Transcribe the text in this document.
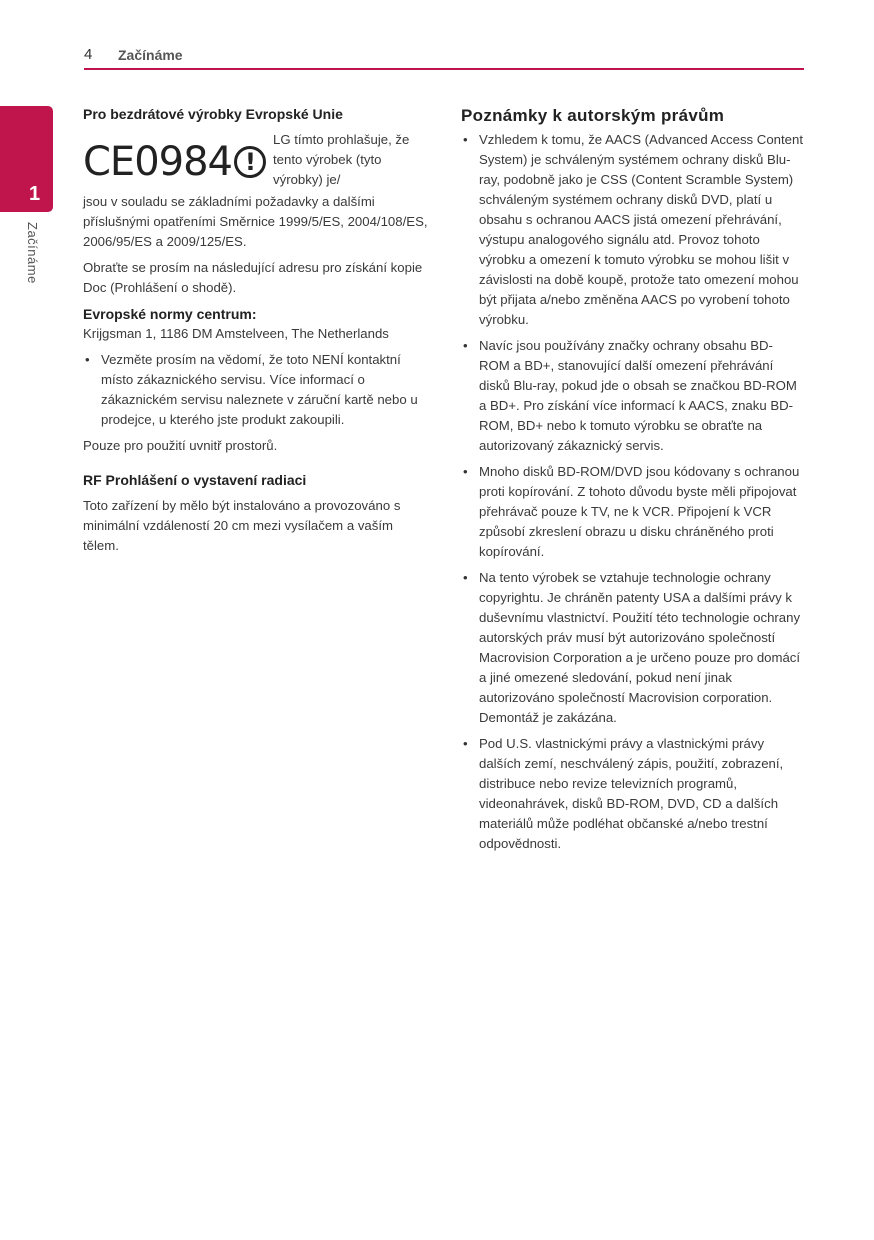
4 Začínáme
1
Začínáme
Pro bezdrátové výrobky Evropské Unie
CE0984 !
LG tímto prohlašuje, že tento výrobek (tyto výrobky) je/

jsou v souladu se základními požadavky a dalšími příslušnými opatřeními Směrnice 1999/5/ES, 2004/108/ES, 2006/95/ES a 2009/125/ES.

Obraťte se prosím na následující adresu pro získání kopie Doc (Prohlášení o shodě).

Evropské normy centrum:

Krijgsman 1, 1186 DM Amstelveen, The Netherlands

• Vezměte prosím na vědomí, že toto NENÍ kontaktní místo zákaznického servisu. Více informací o zákaznickém servisu naleznete v záruční kartě nebo u prodejce, u kterého jste produkt zakoupili.

Pouze pro použití uvnitř prostorů.

RF Prohlášení o vystavení radiaci

Toto zařízení by mělo být instalováno a provozováno s minimální vzdáleností 20 cm mezi vysílačem a vaším tělem.

Poznámky k autorským právům
• Vzhledem k tomu, že AACS (Advanced Access Content System) je schváleným systémem ochrany disků Blu-ray, podobně jako je CSS (Content Scramble System) schváleným systémem ochrany disků DVD, platí u obsahu s ochranou AACS jistá omezení přehrávání, výstupu analogového signálu atd. Provoz tohoto výrobku a omezení k tomuto výrobku se mohou lišit v závislosti na době koupě, protože tato omezení mohou být přijata a/nebo změněna AACS po vyrobení tohoto výrobku.
• Navíc jsou používány značky ochrany obsahu BD-ROM a BD+, stanovující další omezení přehrávání disků Blu-ray, pokud jde o obsah se značkou BD-ROM a BD+. Pro získání více informací k AACS, znaku BD-ROM, BD+ nebo k tomuto výrobku se obraťte na autorizovaný zákaznický servis.
• Mnoho disků BD-ROM/DVD jsou kódovany s ochranou proti kopírování. Z tohoto důvodu byste měli připojovat přehrávač pouze k TV, ne k VCR. Připojení k VCR způsobí zkreslení obrazu u disku chráněného proti kopírování.
• Na tento výrobek se vztahuje technologie ochrany copyrightu. Je chráněn patenty USA a dalšími právy k duševnímu vlastnictví. Použití této technologie ochrany autorských práv musí být autorizováno společností Macrovision Corporation a je určeno pouze pro domácí a jiné omezené sledování, pokud není jinak autorizováno společností Macrovision corporation. Demontáž je zakázána.
• Pod U.S. vlastnickými právy a vlastnickými právy dalších zemí, neschválený zápis, použití, zobrazení, distribuce nebo revize televizních programů, videonahrávek, disků BD-ROM, DVD, CD a dalších materiálů může podléhat občanské a/nebo trestní odpovědnosti.
